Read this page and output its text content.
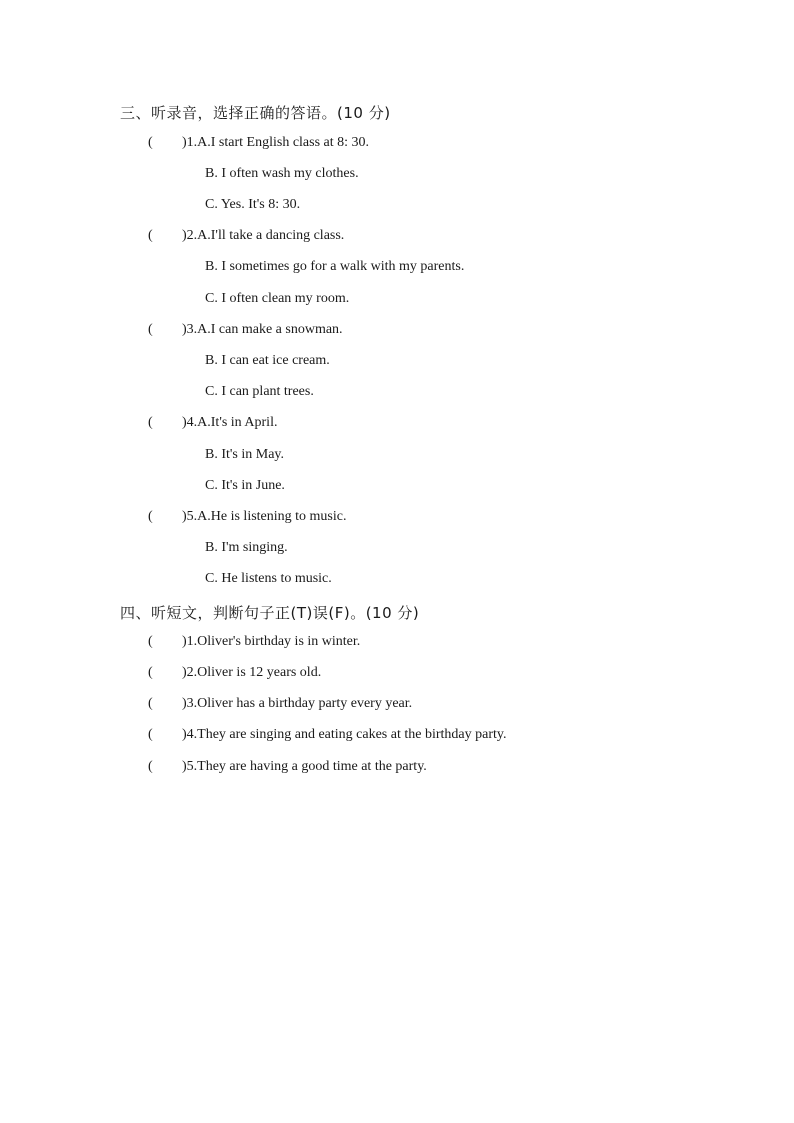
三、听录音，选择正确的答语。(10 分)
( )1.A.I start English class at 8: 30.
B. I often wash my clothes.
C. Yes. It's 8: 30.
( )2.A.I'll take a dancing class.
B. I sometimes go for a walk with my parents.
C. I often clean my room.
( )3.A.I can make a snowman.
B. I can eat ice cream.
C. I can plant trees.
( )4.A.It's in April.
B. It's in May.
C. It's in June.
( )5.A.He is listening to music.
B. I'm singing.
C. He listens to music.
四、听短文，判断句子正(T)误(F)。(10 分)
( )1.Oliver's birthday is in winter.
( )2.Oliver is 12 years old.
( )3.Oliver has a birthday party every year.
( )4.They are singing and eating cakes at the birthday party.
( )5.They are having a good time at the party.
